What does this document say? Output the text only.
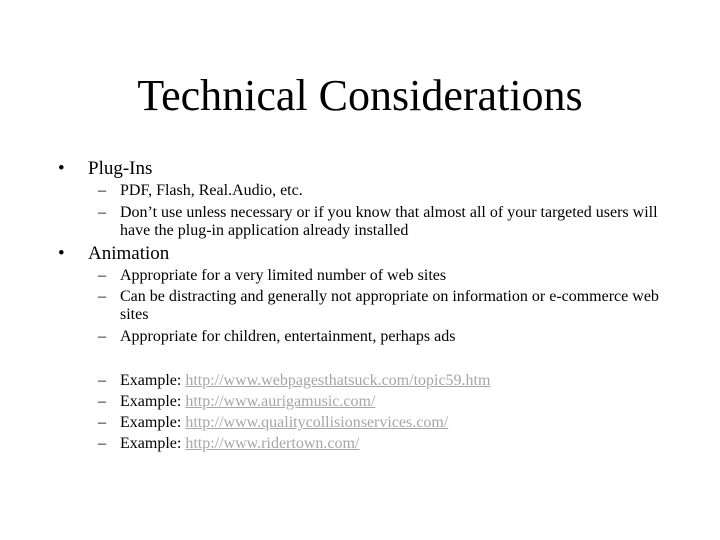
Technical Considerations
• Plug-Ins
– PDF, Flash, Real.Audio, etc.
– Don’t use unless necessary or if you know that almost all of your targeted users will have the plug-in application already installed
• Animation
– Appropriate for a very limited number of web sites
– Can be distracting and generally not appropriate on information or e-commerce web sites
– Appropriate for children, entertainment, perhaps ads
– Example: http://www.webpagesthatsuck.com/topic59.htm
– Example: http://www.aurigamusic.com/
– Example: http://www.qualitycollisionservices.com/
– Example: http://www.ridertown.com/
